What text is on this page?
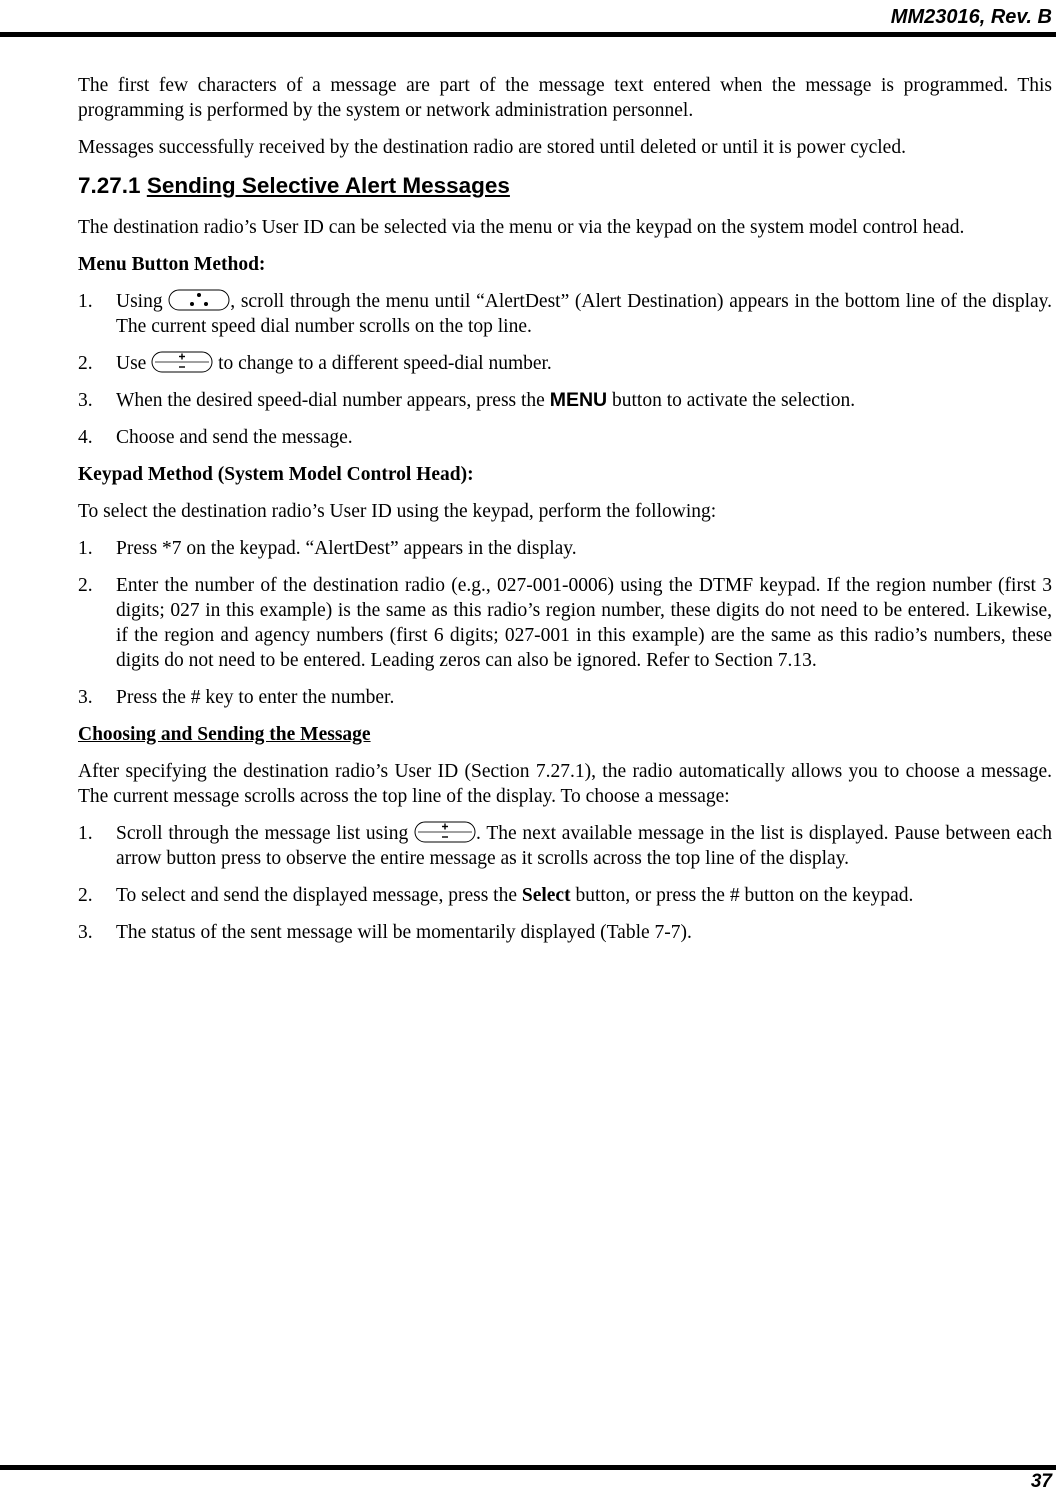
MM23016, Rev. B

The first few characters of a message are part of the message text entered when the message is programmed. This programming is performed by the system or network administration personnel.

Messages successfully received by the destination radio are stored until deleted or until it is power cycled.

7.27.1 Sending Selective Alert Messages

The destination radio’s User ID can be selected via the menu or via the keypad on the system model control head.

Menu Button Method:

1. Using	, scroll through the menu until “AlertDest” (Alert Destination) appears in the bottom line of the display. The current speed dial number scrolls on the top line.
2. Use	to change to a different speed-dial number.
3. When the desired speed-dial number appears, press the MENU button to activate the selection.
4. Choose and send the message.

Keypad Method (System Model Control Head):

To select the destination radio’s User ID using the keypad, perform the following:

1. Press *7 on the keypad. “AlertDest” appears in the display.
2. Enter the number of the destination radio (e.g., 027-001-0006) using the DTMF keypad. If the region number (first 3 digits; 027 in this example) is the same as this radio’s region number, these digits do not need to be entered. Likewise, if the region and agency numbers (first 6 digits; 027-001 in this example) are the same as this radio’s numbers, these digits do not need to be entered. Leading zeros can also be ignored. Refer to Section 7.13.
3. Press the # key to enter the number.

Choosing and Sending the Message

After specifying the destination radio’s User ID (Section 7.27.1), the radio automatically allows you to choose a message. The current message scrolls across the top line of the display. To choose a message:

1. Scroll through the message list using	. The next available message in the list is displayed. Pause between each arrow button press to observe the entire message as it scrolls across the top line of the display.
2. To select and send the displayed message, press the Select button, or press the # button on the keypad.
3. The status of the sent message will be momentarily displayed (Table 7-7).
37
